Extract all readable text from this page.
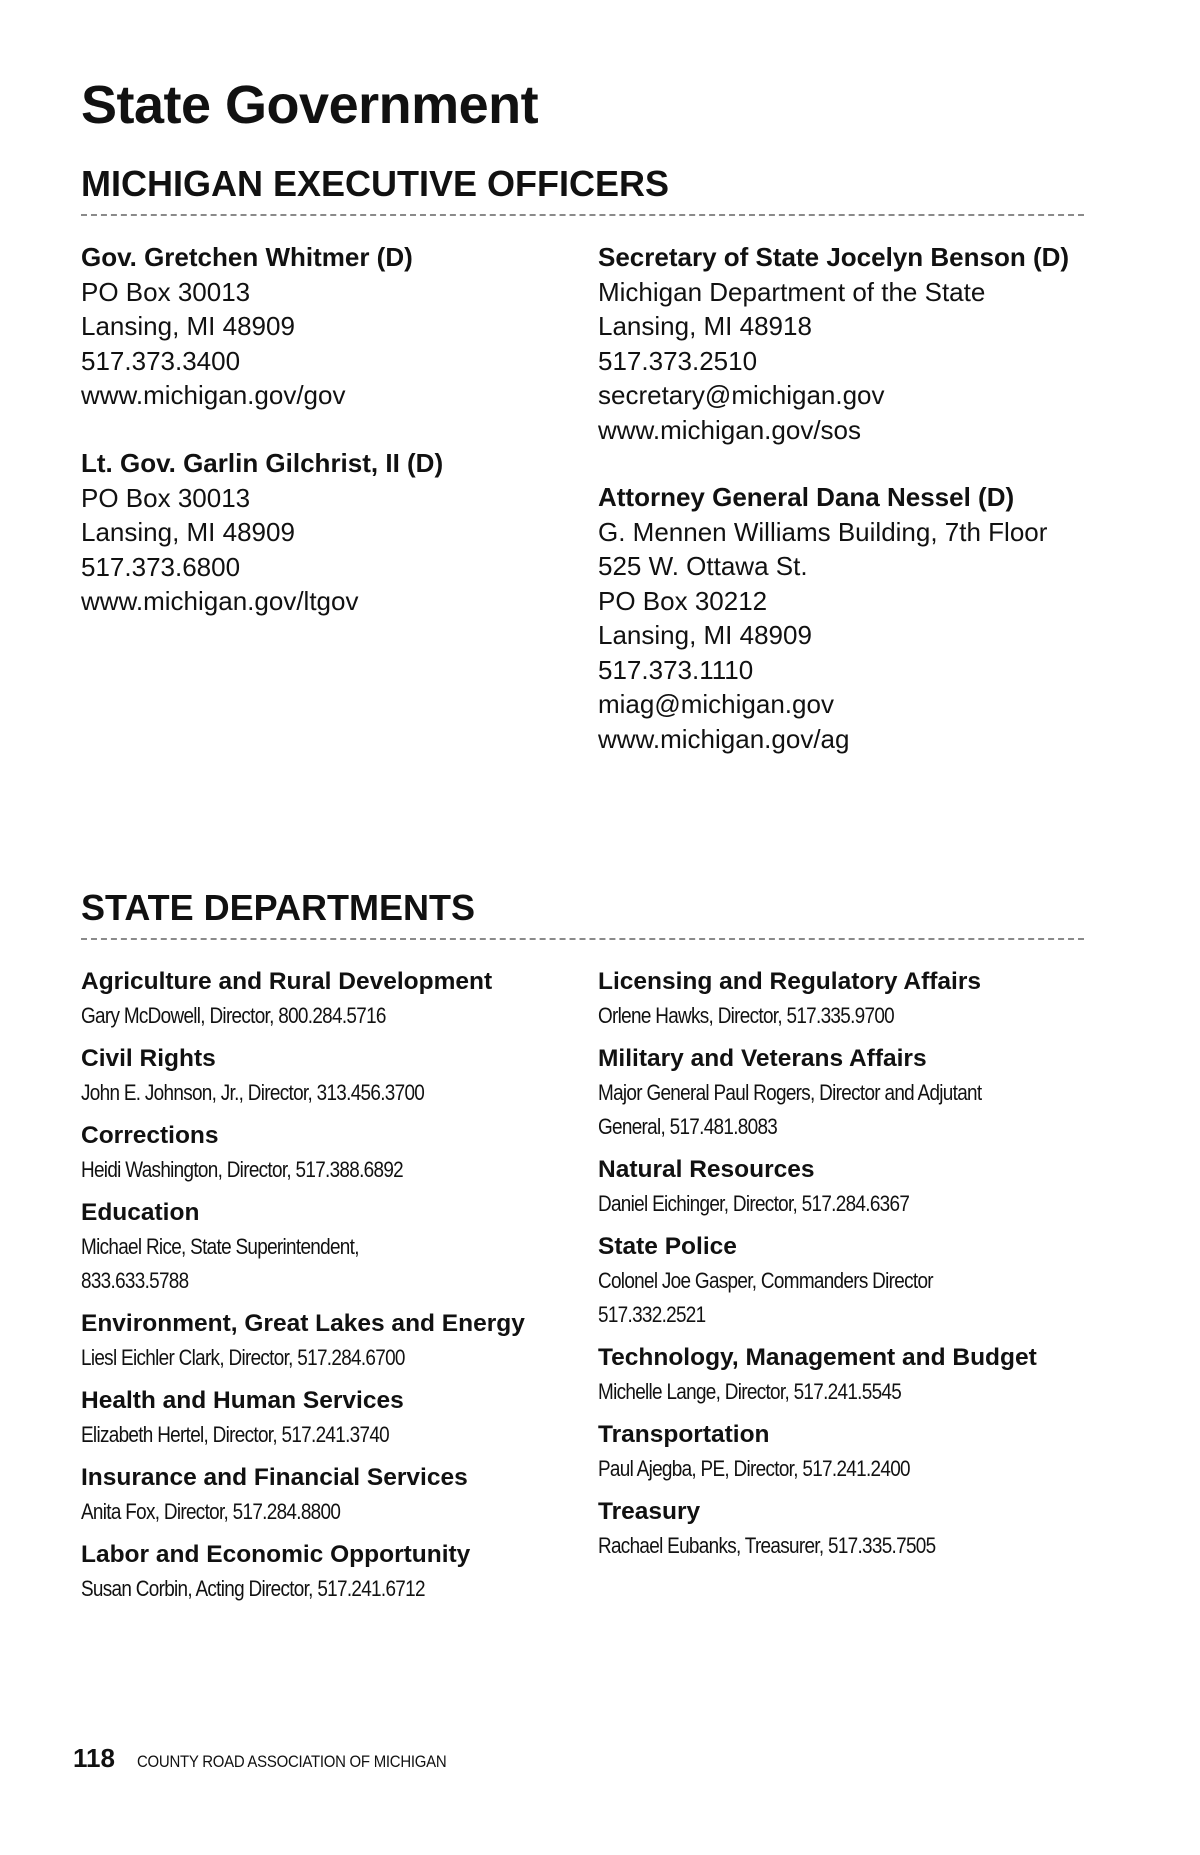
State Government
MICHIGAN EXECUTIVE OFFICERS
Gov. Gretchen Whitmer (D)
PO Box 30013
Lansing, MI 48909
517.373.3400
www.michigan.gov/gov
Lt. Gov. Garlin Gilchrist, II (D)
PO Box 30013
Lansing, MI 48909
517.373.6800
www.michigan.gov/ltgov
Secretary of State Jocelyn Benson (D)
Michigan Department of the State
Lansing, MI 48918
517.373.2510
secretary@michigan.gov
www.michigan.gov/sos
Attorney General Dana Nessel (D)
G. Mennen Williams Building, 7th Floor
525 W. Ottawa St.
PO Box 30212
Lansing, MI 48909
517.373.1110
miag@michigan.gov
www.michigan.gov/ag
STATE DEPARTMENTS
Agriculture and Rural Development
Gary McDowell, Director, 800.284.5716
Civil Rights
John E. Johnson, Jr., Director, 313.456.3700
Corrections
Heidi Washington, Director, 517.388.6892
Education
Michael Rice, State Superintendent, 833.633.5788
Environment, Great Lakes and Energy
Liesl Eichler Clark, Director, 517.284.6700
Health and Human Services
Elizabeth Hertel, Director, 517.241.3740
Insurance and Financial Services
Anita Fox, Director, 517.284.8800
Labor and Economic Opportunity
Susan Corbin, Acting Director, 517.241.6712
Licensing and Regulatory Affairs
Orlene Hawks, Director, 517.335.9700
Military and Veterans Affairs
Major General Paul Rogers, Director and Adjutant General, 517.481.8083
Natural Resources
Daniel Eichinger, Director, 517.284.6367
State Police
Colonel Joe Gasper, Commanders Director 517.332.2521
Technology, Management and Budget
Michelle Lange, Director, 517.241.5545
Transportation
Paul Ajegba, PE, Director, 517.241.2400
Treasury
Rachael Eubanks, Treasurer, 517.335.7505
118 COUNTY ROAD ASSOCIATION OF MICHIGAN
